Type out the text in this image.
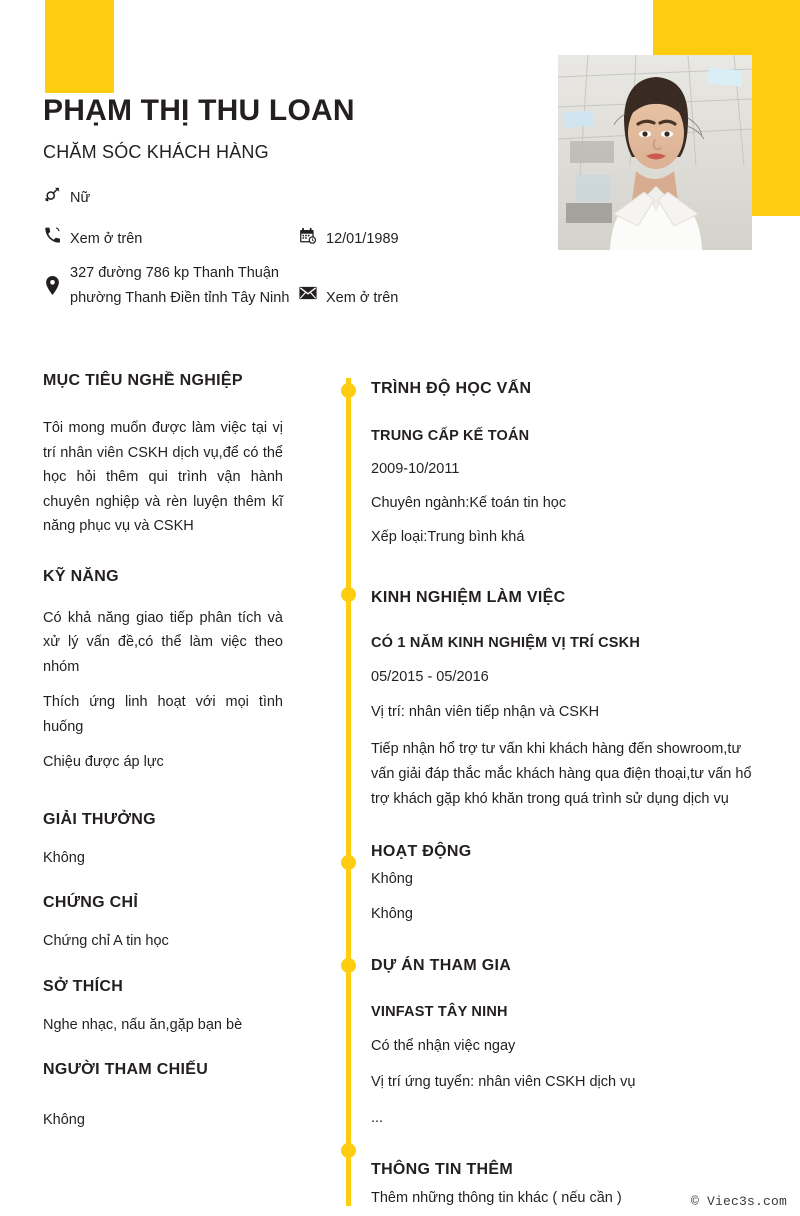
PHẠM THỊ THU LOAN
CHĂM SÓC KHÁCH HÀNG
Nữ
Xem ở trên
327 đường 786 kp Thanh Thuận phường Thanh Điền tỉnh Tây Ninh
12/01/1989
Xem ở trên
MỤC TIÊU NGHỀ NGHIỆP
Tôi mong muốn được làm việc tại vị trí nhân viên CSKH dịch vụ,để có thể học hỏi thêm qui trình vận hành chuyên nghiệp và rèn luyện thêm kĩ năng phục vụ và CSKH
KỸ NĂNG
Có khả năng giao tiếp phân tích và xử lý vấn đề,có thể làm việc theo nhóm
Thích ứng linh hoạt với mọi tình huống
Chiệu được áp lực
GIẢI THƯỞNG
Không
CHỨNG CHỈ
Chứng chỉ A tin học
SỞ THÍCH
Nghe nhạc, nấu ăn,gặp bạn bè
NGƯỜI THAM CHIẾU
Không
TRÌNH ĐỘ HỌC VẤN
TRUNG CẤP KẾ TOÁN
2009-10/2011
Chuyên ngành:Kế toán tin học
Xếp loại:Trung bình khá
KINH NGHIỆM LÀM VIỆC
CÓ 1 NĂM KINH NGHIỆM VỊ TRÍ CSKH
05/2015 - 05/2016
Vị trí: nhân viên tiếp nhận và CSKH
Tiếp nhận hổ trợ tư vấn khi khách hàng đến showroom,tư vấn giải đáp thắc mắc khách hàng qua điện thoại,tư vấn hổ trợ khách gặp khó khăn trong quá trình sử dụng dịch vụ
HOẠT ĐỘNG
Không
Không
DỰ ÁN THAM GIA
VINFAST TÂY NINH
Có thể nhận việc ngay
Vị trí ứng tuyển: nhân viên CSKH dịch vụ
...
THÔNG TIN THÊM
Thêm những thông tin khác ( nếu cần )	© Viec3s.com
